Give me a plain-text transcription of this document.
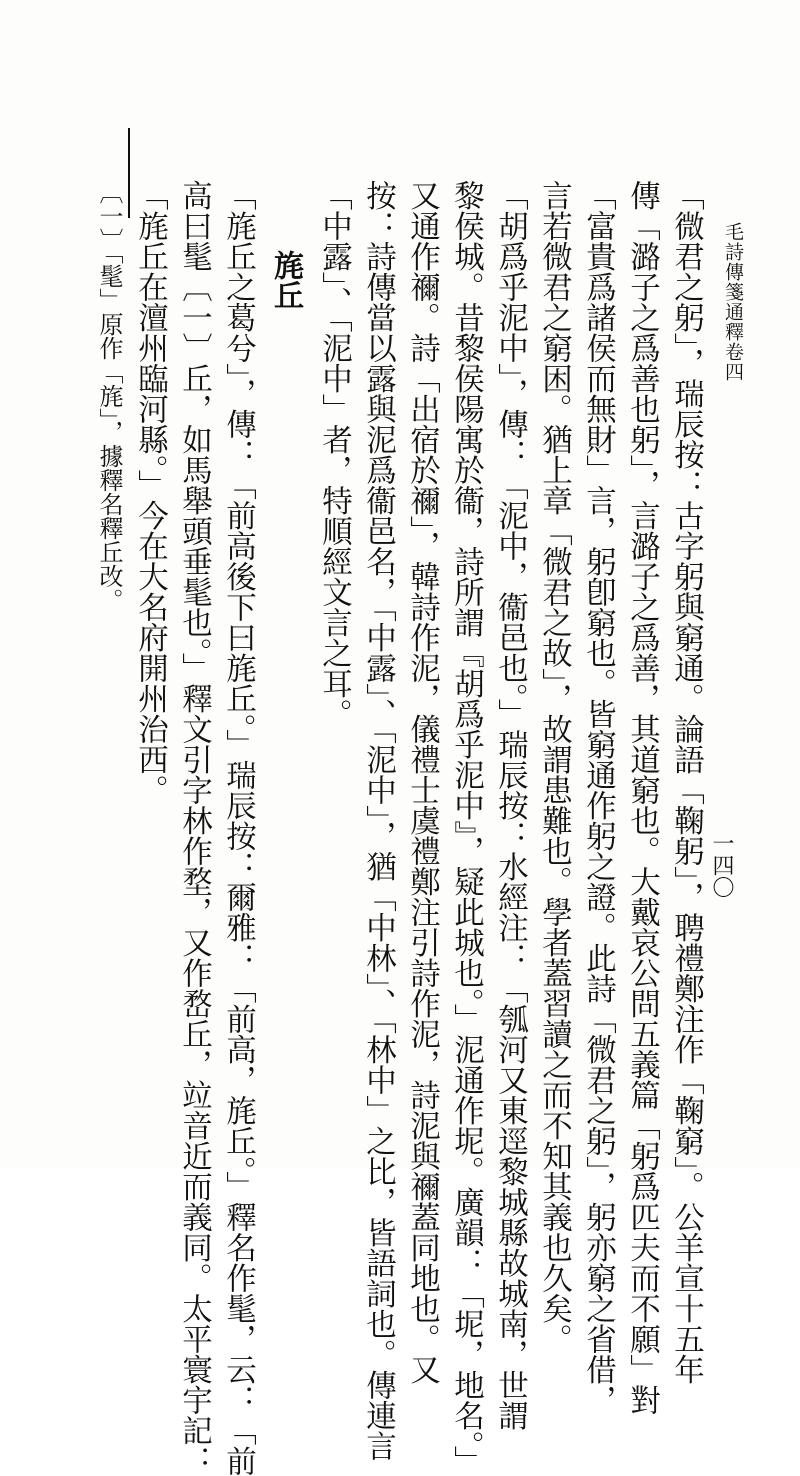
毛詩傳箋通釋卷四
一四〇
「微君之躬」，瑞辰按：古字躬與窮通。論語「鞠躬」，聘禮鄭注作「鞠窮」。公羊宣十五年
傳「潞子之爲善也躬」，言潞子之爲善，其道窮也。大戴哀公問五義篇「躬爲匹夫而不願」對
「富貴爲諸侯而無財」言，躬卽窮也。皆窮通作躬之證。此詩「微君之躬」，躬亦窮之省借，
言若微君之窮困。猶上章「微君之故」，故謂患難也。學者蓋習讀之而不知其義也久矣。
「胡爲乎泥中」，傳：「泥中，衞邑也。」瑞辰按：水經注：「瓠河又東逕黎城縣故城南，世謂
黎侯城。昔黎侯陽寓於衞，詩所謂『胡爲乎泥中』，疑此城也。」泥通作坭。廣韻：「坭，地名。」
又通作禰。詩「出宿於禰」，韓詩作泥，儀禮士虞禮鄭注引詩作泥，詩泥與禰蓋同地也。又
按：詩傳當以露與泥爲衞邑名，「中露」、「泥中」，猶「中林」、「林中」之比，皆語詞也。傳連言
「中露」、「泥中」者，特順經文言之耳。
旄丘
「旄丘之葛兮」，傳：「前高後下曰旄丘。」瑞辰按：爾雅：「前高，旄丘。」釋名作髦，云：「前
高曰髦〔一〕丘，如馬舉頭垂髦也。」釋文引字林作堥，又作嵍丘，竝音近而義同。太平寰宇記：
「旄丘在澶州臨河縣。」今在大名府開州治西。
〔一〕「髦」原作「旄」，據釋名釋丘改。
